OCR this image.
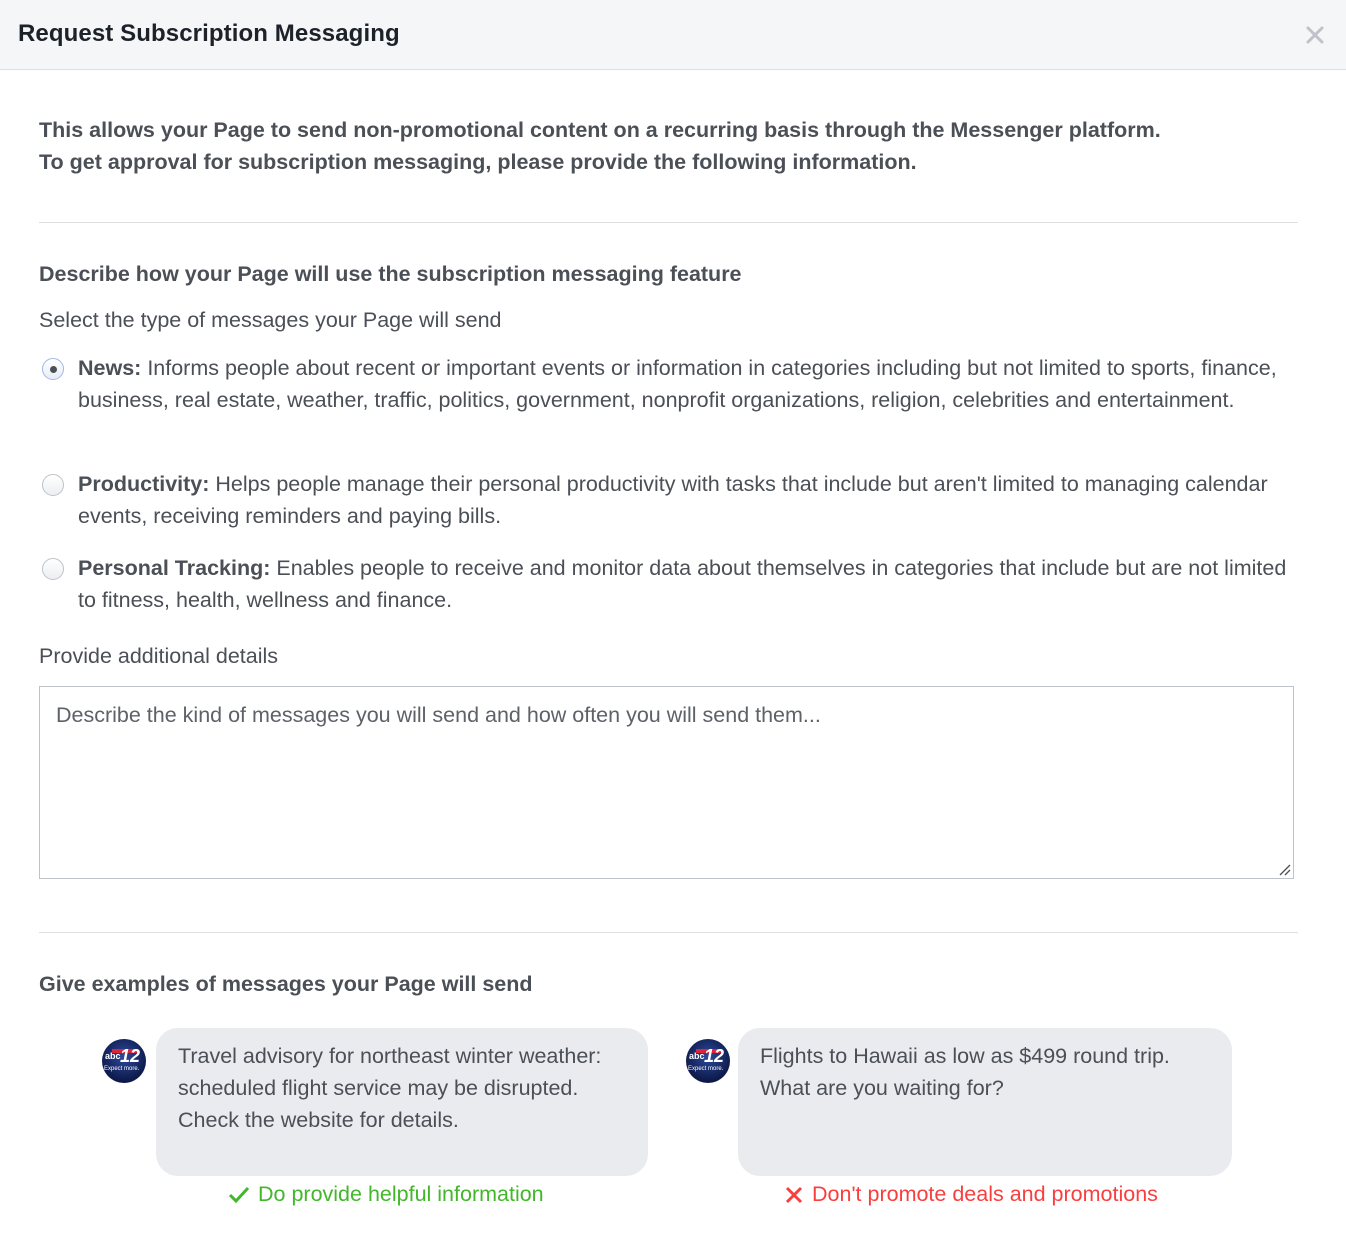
Request Subscription Messaging
This allows your Page to send non-promotional content on a recurring basis through the Messenger platform.
To get approval for subscription messaging, please provide the following information.
Describe how your Page will use the subscription messaging feature
Select the type of messages your Page will send
News: Informs people about recent or important events or information in categories including but not limited to sports, finance, business, real estate, weather, traffic, politics, government, nonprofit organizations, religion, celebrities and entertainment.
Productivity: Helps people manage their personal productivity with tasks that include but aren't limited to managing calendar events, receiving reminders and paying bills.
Personal Tracking: Enables people to receive and monitor data about themselves in categories that include but are not limited to fitness, health, wellness and finance.
Provide additional details
Describe the kind of messages you will send and how often you will send them...
Give examples of messages your Page will send
abc 12
Expect more.
Travel advisory for northeast winter weather: scheduled flight service may be disrupted. Check the website for details.
Do provide helpful information
abc 12
Expect more.
Flights to Hawaii as low as $499 round trip. What are you waiting for?
Don't promote deals and promotions
